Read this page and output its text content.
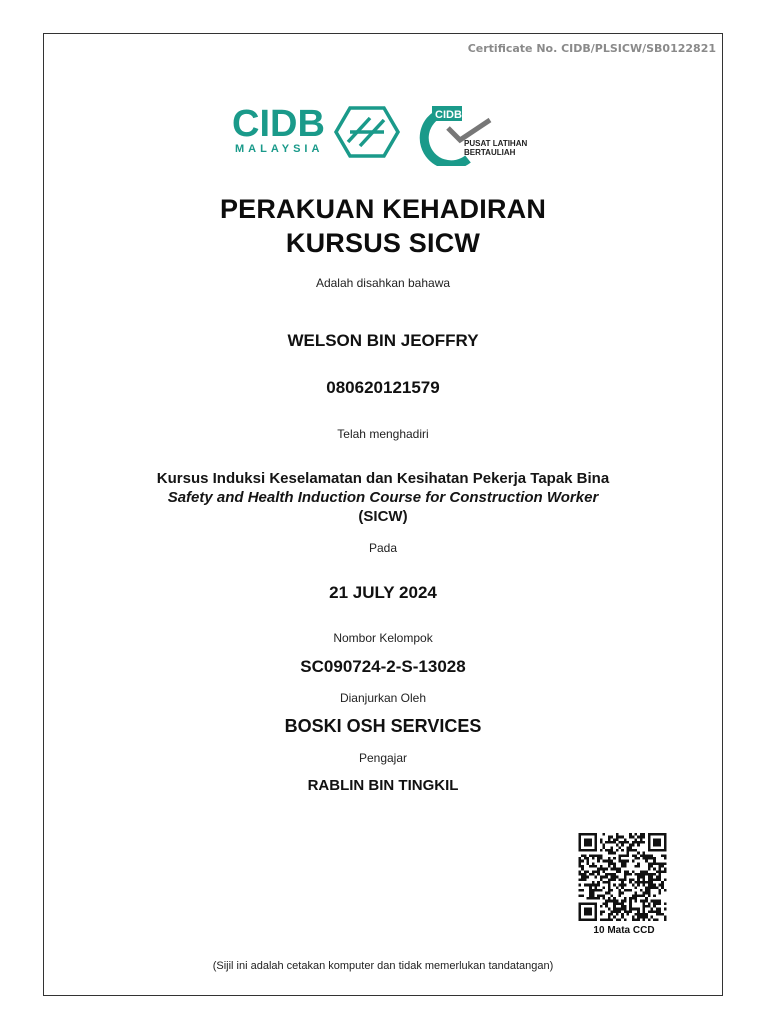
Certificate No. CIDB/PLSICW/SB0122821
CIDB
MALAYSIA
CIDB
PUSAT LATIHAN
BERTAULIAH
PERAKUAN KEHADIRAN
KURSUS SICW
Adalah disahkan bahawa
WELSON BIN JEOFFRY
080620121579
Telah menghadiri
Kursus Induksi Keselamatan dan Kesihatan Pekerja Tapak Bina
Safety and Health Induction Course for Construction Worker
(SICW)
Pada
21 JULY 2024
Nombor Kelompok
SC090724-2-S-13028
Dianjurkan Oleh
BOSKI OSH SERVICES
Pengajar
RABLIN BIN TINGKIL
10 Mata CCD
(Sijil ini adalah cetakan komputer dan tidak memerlukan tandatangan)
